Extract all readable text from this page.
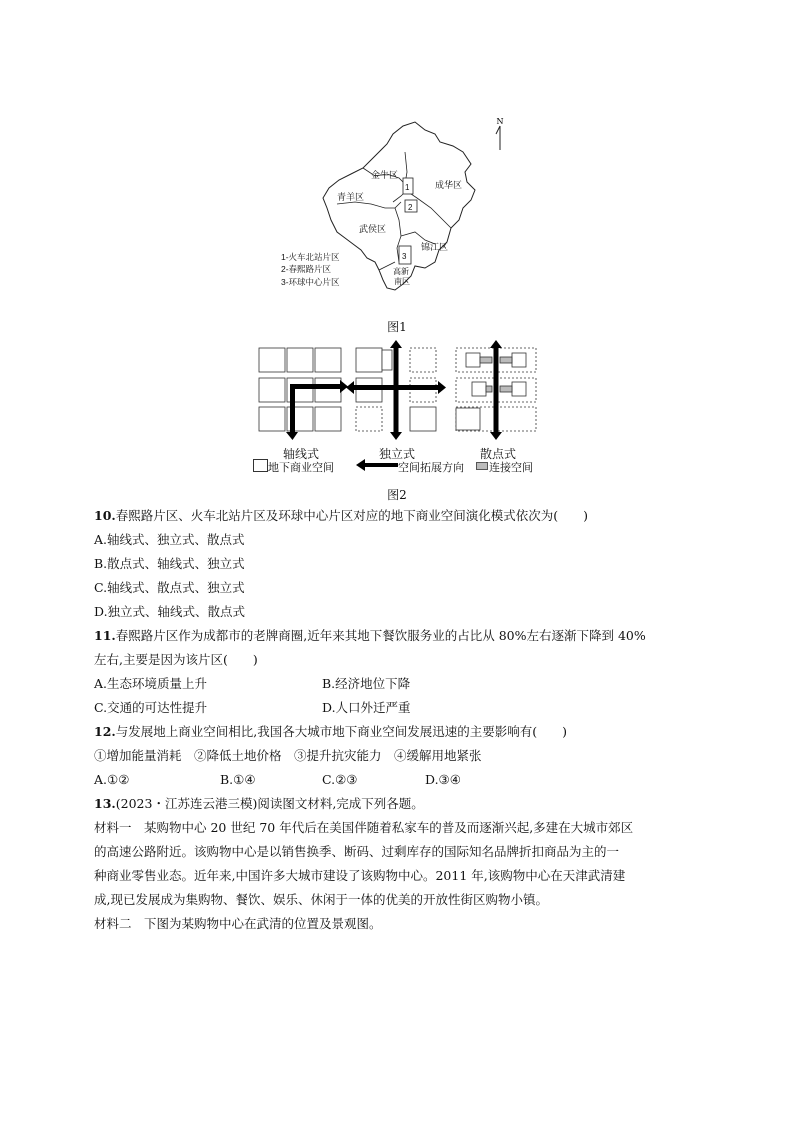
N
金牛区
成华区
青羊区
武侯区
锦江区
高新
南区
1
2
3
1-火车北站片区
2-春熙路片区
3-环球中心片区
图1
轴线式	独立式	散点式
地下商业空间	空间拓展方向 连接空间
图2
10.春熙路片区、火车北站片区及环球中心片区对应的地下商业空间演化模式依次为(　　)
A.轴线式、独立式、散点式
B.散点式、轴线式、独立式
C.轴线式、散点式、独立式
D.独立式、轴线式、散点式
11.春熙路片区作为成都市的老牌商圈,近年来其地下餐饮服务业的占比从 80%左右逐渐下降到 40%
左右,主要是因为该片区(　　)
A.生态环境质量上升	B.经济地位下降
C.交通的可达性提升	D.人口外迁严重
12.与发展地上商业空间相比,我国各大城市地下商业空间发展迅速的主要影响有(　　)
①增加能量消耗　②降低土地价格　③提升抗灾能力　④缓解用地紧张
A.①②	B.①④	C.②③	D.③④
13.(2023・江苏连云港三模)阅读图文材料,完成下列各题。
材料一　某购物中心 20 世纪 70 年代后在美国伴随着私家车的普及而逐渐兴起,多建在大城市郊区
的高速公路附近。该购物中心是以销售换季、断码、过剩库存的国际知名品牌折扣商品为主的一
种商业零售业态。近年来,中国许多大城市建设了该购物中心。2011 年,该购物中心在天津武清建
成,现已发展成为集购物、餐饮、娱乐、休闲于一体的优美的开放性街区购物小镇。
材料二　下图为某购物中心在武清的位置及景观图。
